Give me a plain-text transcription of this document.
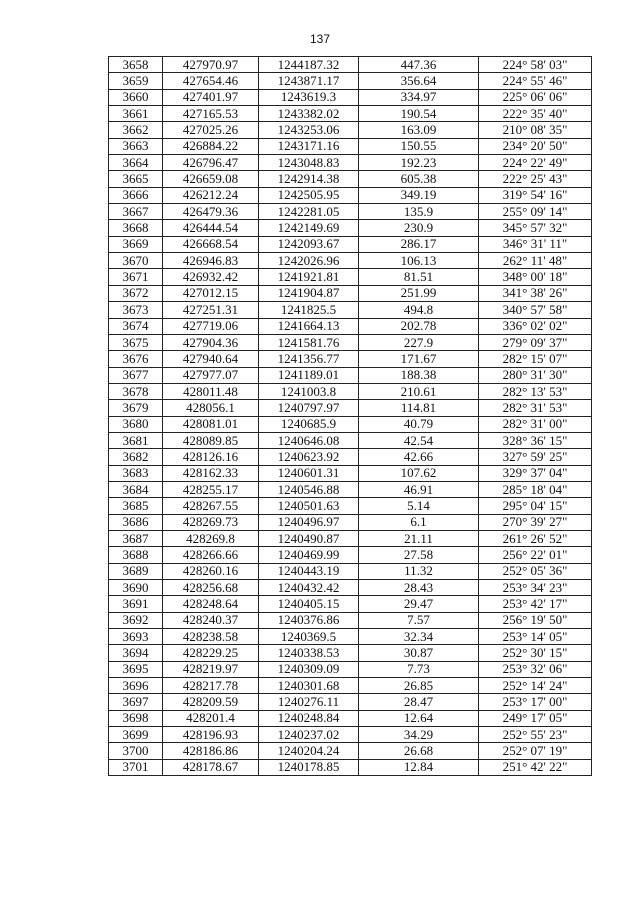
137
3658	427970.97	1244187.32	447.36	224° 58' 03"
3659	427654.46	1243871.17	356.64	224° 55' 46"
3660	427401.97	1243619.3	334.97	225° 06' 06"
3661	427165.53	1243382.02	190.54	222° 35' 40"
3662	427025.26	1243253.06	163.09	210° 08' 35"
3663	426884.22	1243171.16	150.55	234° 20' 50"
3664	426796.47	1243048.83	192.23	224° 22' 49"
3665	426659.08	1242914.38	605.38	222° 25' 43"
3666	426212.24	1242505.95	349.19	319° 54' 16"
3667	426479.36	1242281.05	135.9	255° 09' 14"
3668	426444.54	1242149.69	230.9	345° 57' 32"
3669	426668.54	1242093.67	286.17	346° 31' 11"
3670	426946.83	1242026.96	106.13	262° 11' 48"
3671	426932.42	1241921.81	81.51	348° 00' 18"
3672	427012.15	1241904.87	251.99	341° 38' 26"
3673	427251.31	1241825.5	494.8	340° 57' 58"
3674	427719.06	1241664.13	202.78	336° 02' 02"
3675	427904.36	1241581.76	227.9	279° 09' 37"
3676	427940.64	1241356.77	171.67	282° 15' 07"
3677	427977.07	1241189.01	188.38	280° 31' 30"
3678	428011.48	1241003.8	210.61	282° 13' 53"
3679	428056.1	1240797.97	114.81	282° 31' 53"
3680	428081.01	1240685.9	40.79	282° 31' 00"
3681	428089.85	1240646.08	42.54	328° 36' 15"
3682	428126.16	1240623.92	42.66	327° 59' 25"
3683	428162.33	1240601.31	107.62	329° 37' 04"
3684	428255.17	1240546.88	46.91	285° 18' 04"
3685	428267.55	1240501.63	5.14	295° 04' 15"
3686	428269.73	1240496.97	6.1	270° 39' 27"
3687	428269.8	1240490.87	21.11	261° 26' 52"
3688	428266.66	1240469.99	27.58	256° 22' 01"
3689	428260.16	1240443.19	11.32	252° 05' 36"
3690	428256.68	1240432.42	28.43	253° 34' 23"
3691	428248.64	1240405.15	29.47	253° 42' 17"
3692	428240.37	1240376.86	7.57	256° 19' 50"
3693	428238.58	1240369.5	32.34	253° 14' 05"
3694	428229.25	1240338.53	30.87	252° 30' 15"
3695	428219.97	1240309.09	7.73	253° 32' 06"
3696	428217.78	1240301.68	26.85	252° 14' 24"
3697	428209.59	1240276.11	28.47	253° 17' 00"
3698	428201.4	1240248.84	12.64	249° 17' 05"
3699	428196.93	1240237.02	34.29	252° 55' 23"
3700	428186.86	1240204.24	26.68	252° 07' 19"
3701	428178.67	1240178.85	12.84	251° 42' 22"
